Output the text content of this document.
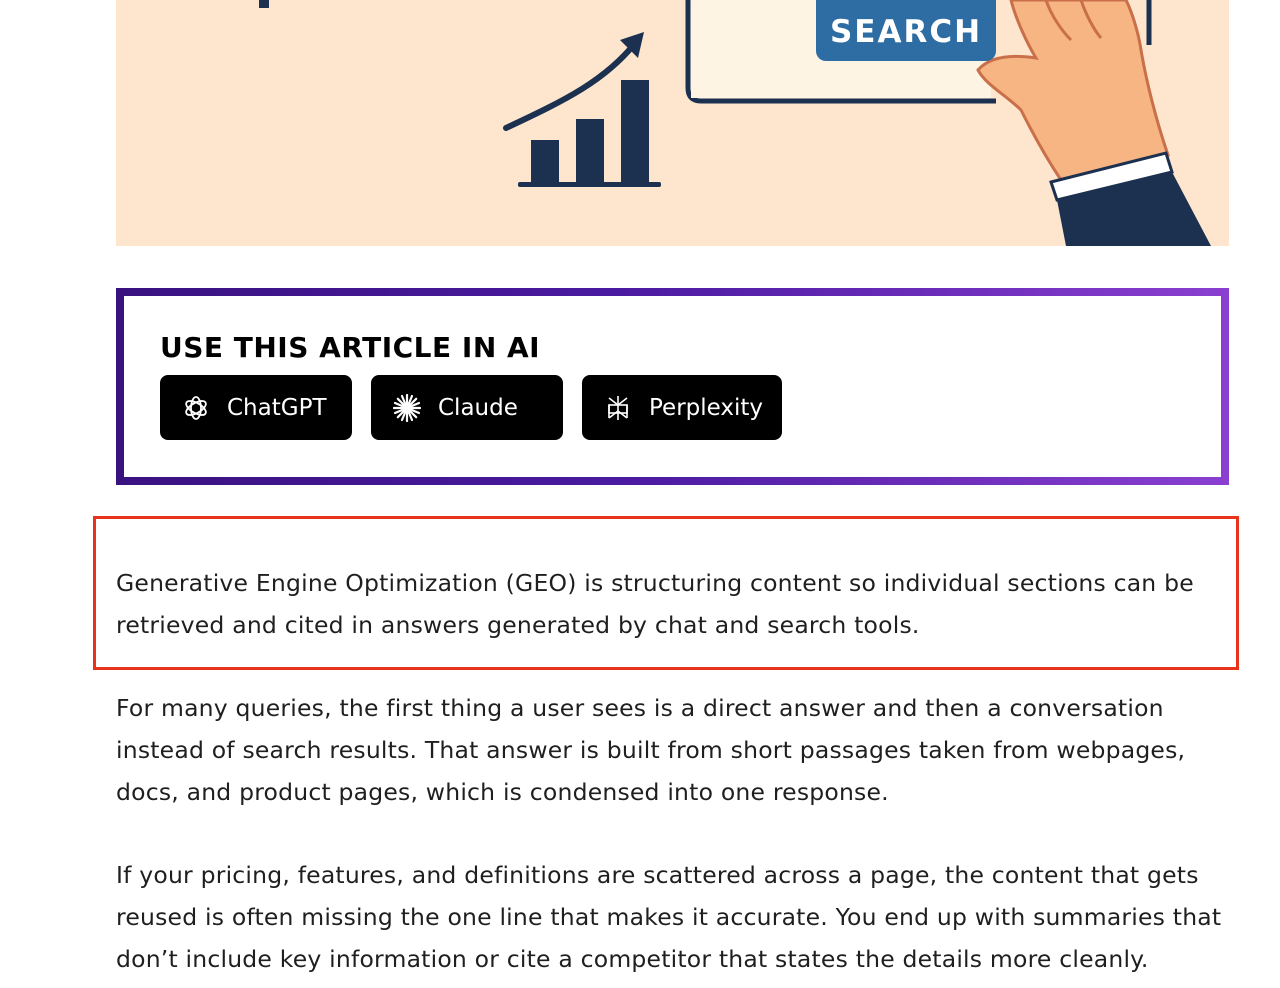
SEARCH
USE THIS ARTICLE IN AI
ChatGPT	Claude	Perplexity

Generative Engine Optimization (GEO) is structuring content so individual sections can be retrieved and cited in answers generated by chat and search tools.

For many queries, the first thing a user sees is a direct answer and then a conversation instead of search results. That answer is built from short passages taken from webpages, docs, and product pages, which is condensed into one response.

If your pricing, features, and definitions are scattered across a page, the content that gets reused is often missing the one line that makes it accurate. You end up with summaries that don’t include key information or cite a competitor that states the details more cleanly.
